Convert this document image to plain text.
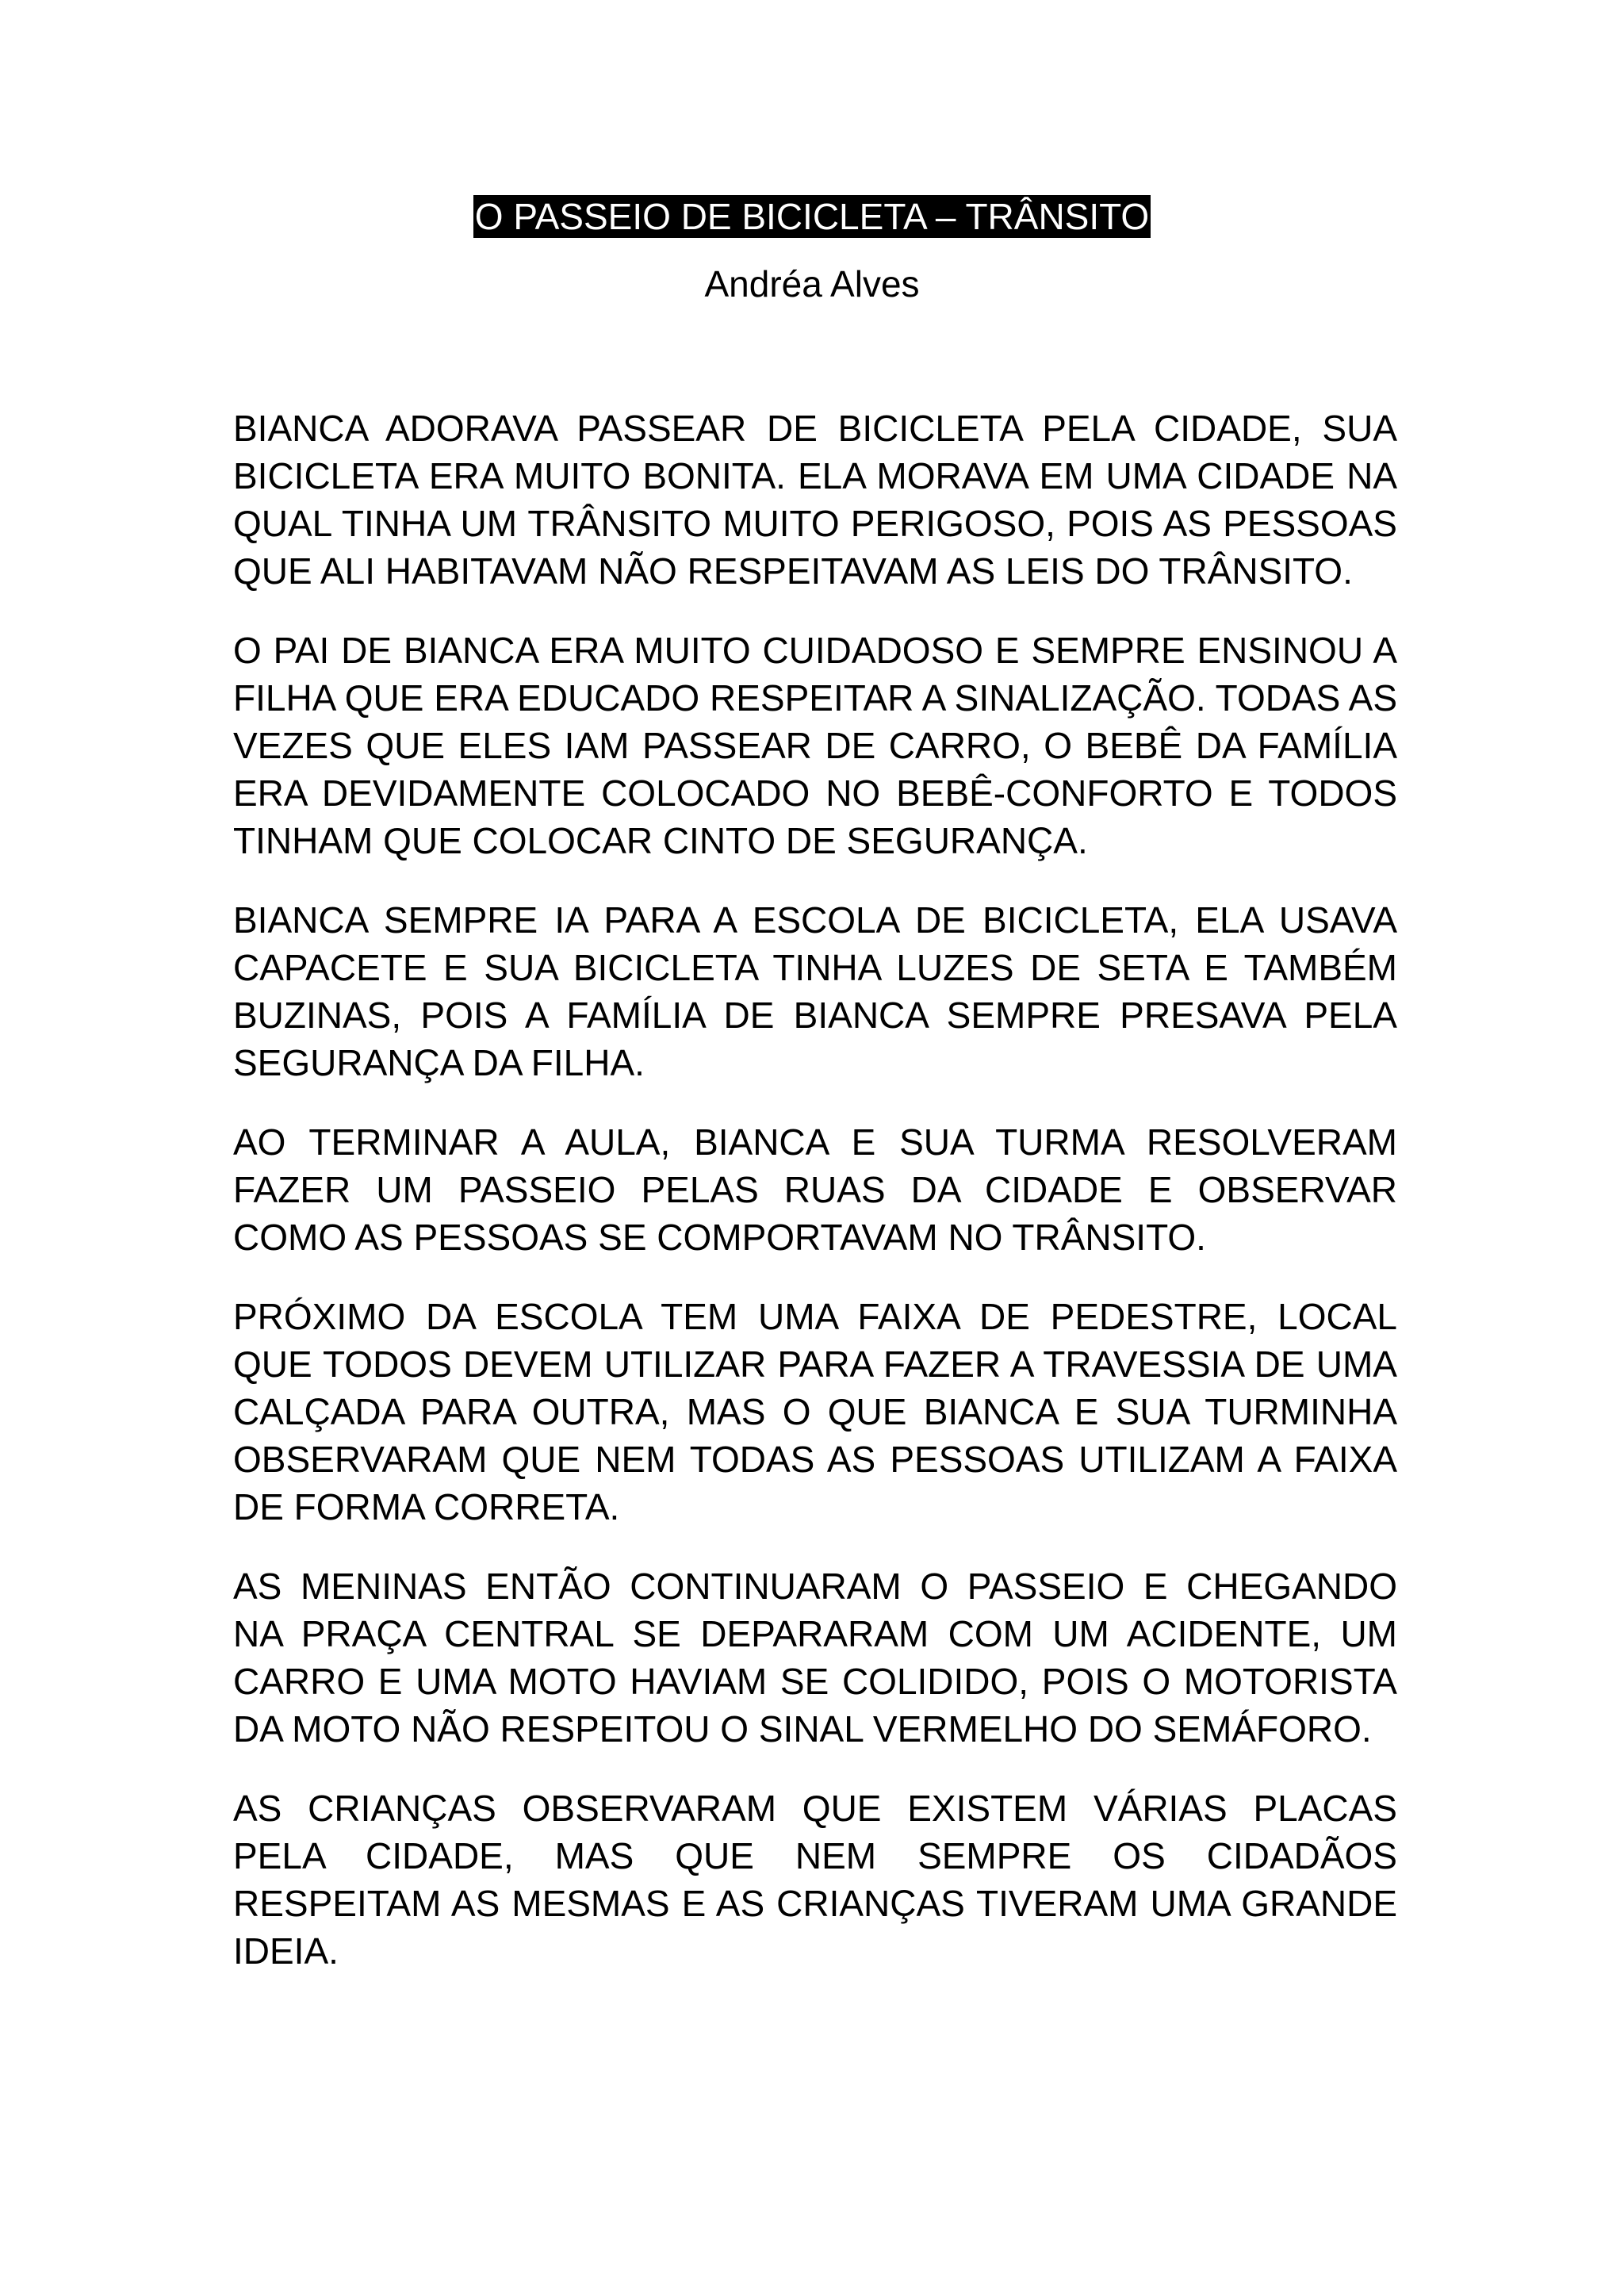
O PASSEIO DE BICICLETA – TRÂNSITO
Andréa Alves

BIANCA ADORAVA PASSEAR DE BICICLETA PELA CIDADE, SUA BICICLETA ERA MUITO BONITA. ELA MORAVA EM UMA CIDADE NA QUAL TINHA UM TRÂNSITO MUITO PERIGOSO, POIS AS PESSOAS QUE ALI HABITAVAM NÃO RESPEITAVAM AS LEIS DO TRÂNSITO.

O PAI DE BIANCA ERA MUITO CUIDADOSO E SEMPRE ENSINOU A FILHA QUE ERA EDUCADO RESPEITAR A SINALIZAÇÃO. TODAS AS VEZES QUE ELES IAM PASSEAR DE CARRO, O BEBÊ DA FAMÍLIA ERA DEVIDAMENTE COLOCADO NO BEBÊ-CONFORTO E TODOS TINHAM QUE COLOCAR CINTO DE SEGURANÇA.

BIANCA SEMPRE IA PARA A ESCOLA DE BICICLETA, ELA USAVA CAPACETE E SUA BICICLETA TINHA LUZES DE SETA E TAMBÉM BUZINAS, POIS A FAMÍLIA DE BIANCA SEMPRE PRESAVA PELA SEGURANÇA DA FILHA.

AO TERMINAR A AULA, BIANCA E SUA TURMA RESOLVERAM FAZER UM PASSEIO PELAS RUAS DA CIDADE E OBSERVAR COMO AS PESSOAS SE COMPORTAVAM NO TRÂNSITO.

PRÓXIMO DA ESCOLA TEM UMA FAIXA DE PEDESTRE, LOCAL QUE TODOS DEVEM UTILIZAR PARA FAZER A TRAVESSIA DE UMA CALÇADA PARA OUTRA, MAS O QUE BIANCA E SUA TURMINHA OBSERVARAM QUE NEM TODAS AS PESSOAS UTILIZAM A FAIXA DE FORMA CORRETA.

AS MENINAS ENTÃO CONTINUARAM O PASSEIO E CHEGANDO NA PRAÇA CENTRAL SE DEPARARAM COM UM ACIDENTE, UM CARRO E UMA MOTO HAVIAM SE COLIDIDO, POIS O MOTORISTA DA MOTO NÃO RESPEITOU O SINAL VERMELHO DO SEMÁFORO.

AS CRIANÇAS OBSERVARAM QUE EXISTEM VÁRIAS PLACAS PELA CIDADE, MAS QUE NEM SEMPRE OS CIDADÃOS RESPEITAM AS MESMAS E AS CRIANÇAS TIVERAM UMA GRANDE IDEIA.
